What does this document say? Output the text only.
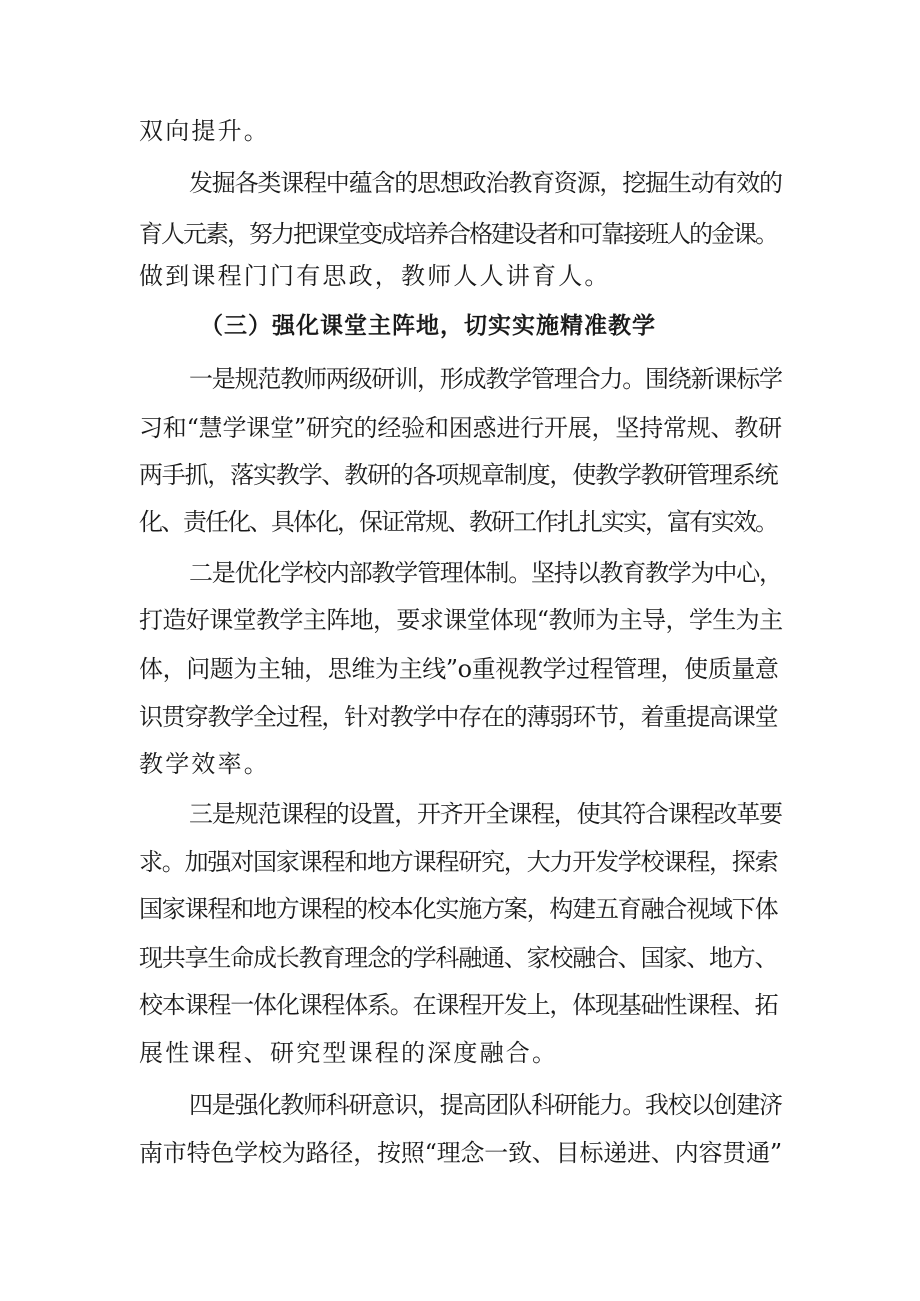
双向提升。
发掘各类课程中蕴含的思想政治教育资源，挖掘生动有效的
育人元素，努力把课堂变成培养合格建设者和可靠接班人的金课。
做到课程门门有思政，教师人人讲育人。
（三）强化课堂主阵地，切实实施精准教学
一是规范教师两级研训，形成教学管理合力。围绕新课标学
习和“慧学课堂”研究的经验和困惑进行开展，坚持常规、教研
两手抓，落实教学、教研的各项规章制度，使教学教研管理系统
化、责任化、具体化，保证常规、教研工作扎扎实实，富有实效。
二是优化学校内部教学管理体制。坚持以教育教学为中心，
打造好课堂教学主阵地，要求课堂体现“教师为主导，学生为主
体，问题为主轴，思维为主线”o重视教学过程管理，使质量意
识贯穿教学全过程，针对教学中存在的薄弱环节，着重提高课堂
教学效率。
三是规范课程的设置，开齐开全课程，使其符合课程改革要
求。加强对国家课程和地方课程研究，大力开发学校课程，探索
国家课程和地方课程的校本化实施方案，构建五育融合视域下体
现共享生命成长教育理念的学科融通、家校融合、国家、地方、
校本课程一体化课程体系。在课程开发上，体现基础性课程、拓
展性课程、研究型课程的深度融合。
四是强化教师科研意识，提高团队科研能力。我校以创建济
南市特色学校为路径，按照“理念一致、目标递进、内容贯通”
